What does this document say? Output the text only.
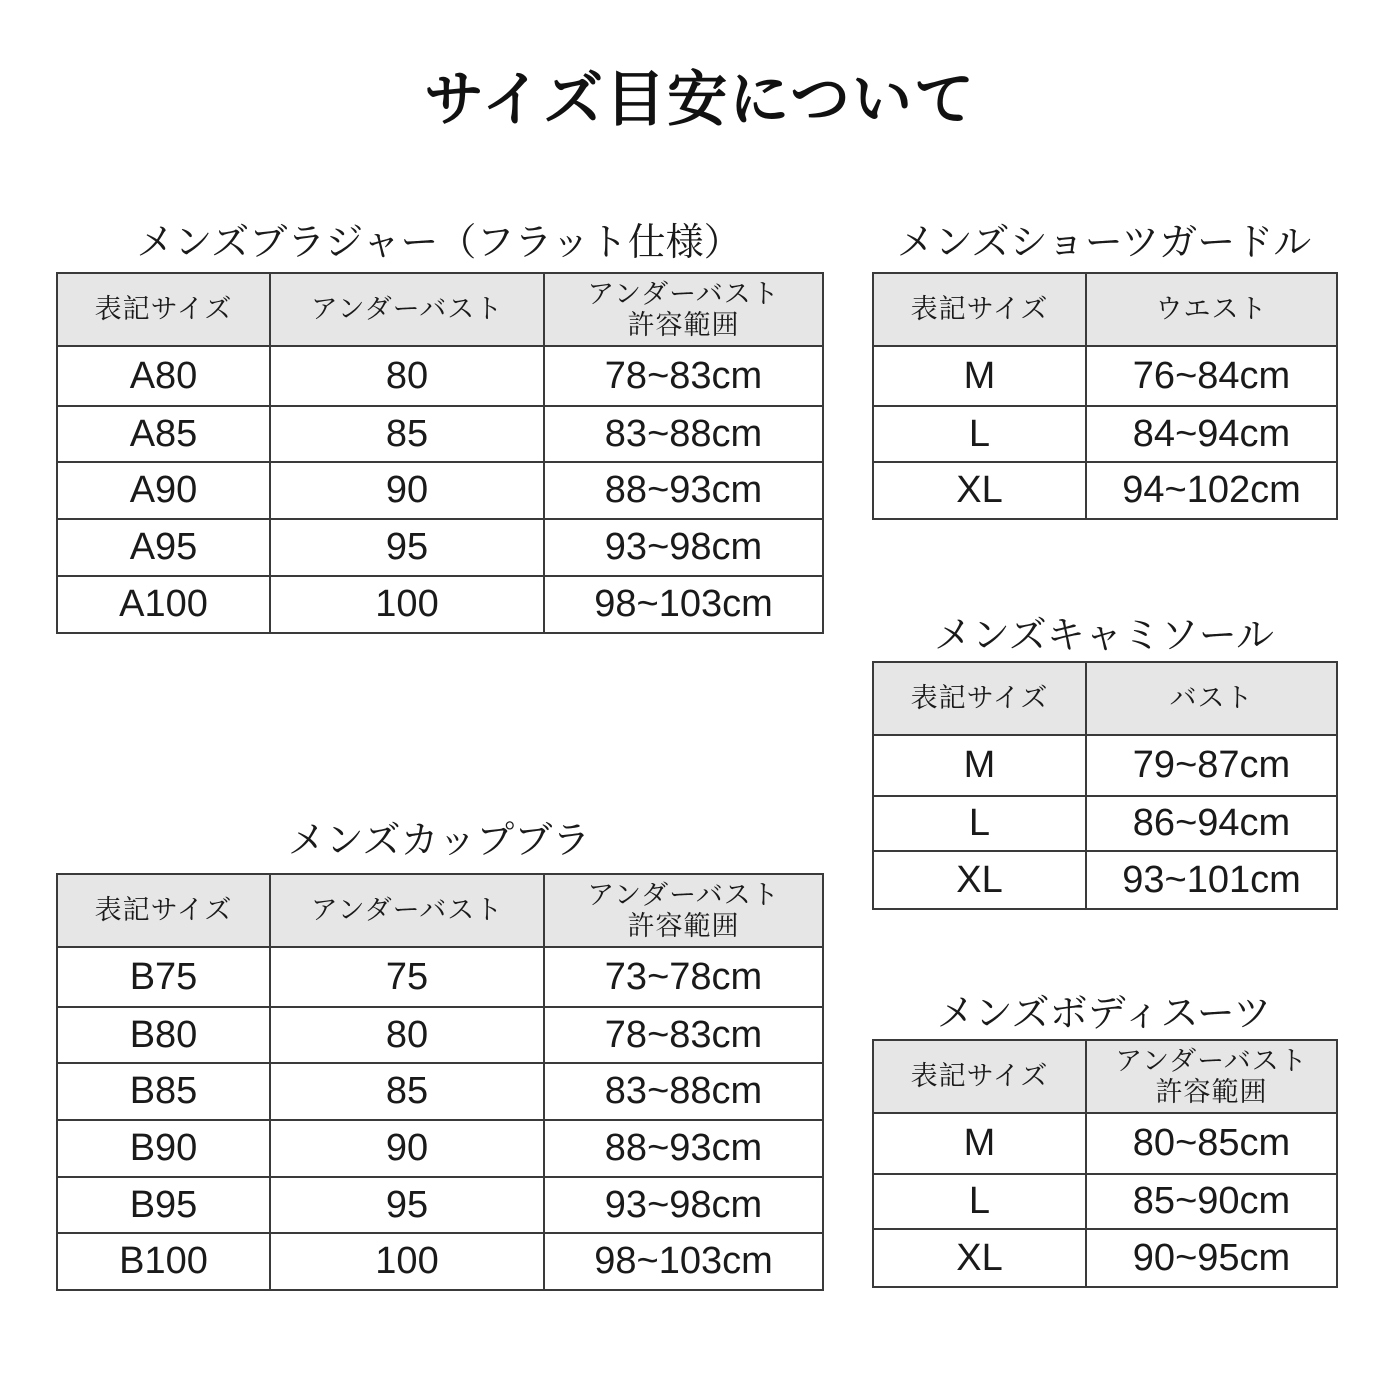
サイズ目安について
メンズブラジャー（フラット仕様）
表記サイズ	アンダーバスト	アンダーバスト
許容範囲

A80	80	78~83cm
A85	85	83~88cm
A90	90	88~93cm
A95	95	93~98cm
A100	100	98~103cm
メンズカップブラ
表記サイズ	アンダーバスト	アンダーバスト
許容範囲

B75	75	73~78cm
B80	80	78~83cm
B85	85	83~88cm
B90	90	88~93cm
B95	95	93~98cm
B100	100	98~103cm
メンズショーツガードル
表記サイズ	ウエスト
M	76~84cm
L	84~94cm
XL	94~102cm
メンズキャミソール
表記サイズ	バスト
M	79~87cm
L	86~94cm
XL	93~101cm
メンズボディスーツ
表記サイズ	アンダーバスト
許容範囲

M	80~85cm
L	85~90cm
XL	90~95cm
